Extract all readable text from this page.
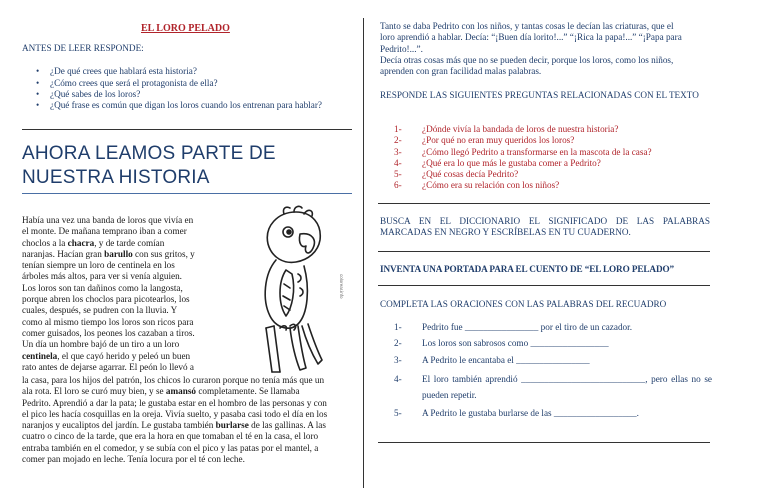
EL LORO PELADO
ANTES DE LEER RESPONDE:
• ¿De qué crees que hablará esta historia?
• ¿Cómo crees que será el protagonista de ella?
• ¿Qué sabes de los loros?
• ¿Qué frase es común que digan los loros cuando los entrenan para hablar?
AHORA LEAMOS PARTE DE
NUESTRA HISTORIA
Había una vez una banda de loros que vivía en
el monte. De mañana temprano iban a comer
choclos a la chacra, y de tarde comían
naranjas. Hacían gran barullo con sus gritos, y
tenían siempre un loro de centinela en los
árboles más altos, para ver si venía alguien.
Los loros son tan dañinos como la langosta,
porque abren los choclos para picotearlos, los
cuales, después, se pudren con la lluvia. Y
como al mismo tiempo los loros son ricos para
comer guisados, los peones los cazaban a tiros.
Un día un hombre bajó de un tiro a un loro
centinela, el que cayó herido y peleó un buen
rato antes de dejarse agarrar. El peón lo llevó a
colorear.info
la casa, para los hijos del patrón, los chicos lo curaron porque no tenía más que un
ala rota. El loro se curó muy bien, y se amansó completamente. Se llamaba
Pedrito. Aprendió a dar la pata; le gustaba estar en el hombro de las personas y con
el pico les hacía cosquillas en la oreja. Vivía suelto, y pasaba casi todo el día en los
naranjos y eucaliptos del jardín. Le gustaba también burlarse de las gallinas. A las
cuatro o cinco de la tarde, que era la hora en que tomaban el té en la casa, el loro
entraba también en el comedor, y se subía con el pico y las patas por el mantel, a
comer pan mojado en leche. Tenía locura por el té con leche.
Tanto se daba Pedrito con los niños, y tantas cosas le decían las criaturas, que el
loro aprendió a hablar. Decía: “¡Buen día lorito!...” “¡Rica la papa!...” “¡Papa para
Pedrito!...”.
Decía otras cosas más que no se pueden decir, porque los loros, como los niños,
aprenden con gran facilidad malas palabras.
RESPONDE LAS SIGUIENTES PREGUNTAS RELACIONADAS CON EL TEXTO
1-	¿Dónde vivía la bandada de loros de nuestra historia?
2-	¿Por qué no eran muy queridos los loros?
3-	¿Cómo llegó Pedrito a transformarse en la mascota de la casa?
4-	¿Qué era lo que más le gustaba comer a Pedrito?
5-	¿Qué cosas decía Pedrito?
6-	¿Cómo era su relación con los niños?
BUSCA EN EL DICCIONARIO EL SIGNIFICADO DE LAS PALABRAS MARCADAS EN NEGRO Y ESCRÍBELAS EN TU CUADERNO.
INVENTA UNA PORTADA PARA EL CUENTO DE “EL LORO PELADO”
COMPLETA LAS ORACIONES CON LAS PALABRAS DEL RECUADRO
1-	Pedrito fue ________________ por el tiro de un cazador.
2-	Los loros son sabrosos como _________________
3-	A Pedrito le encantaba el ________________
4-	El loro también aprendió ___________________________, pero ellas no se pueden repetir.
5-	A Pedrito le gustaba burlarse de las __________________.
